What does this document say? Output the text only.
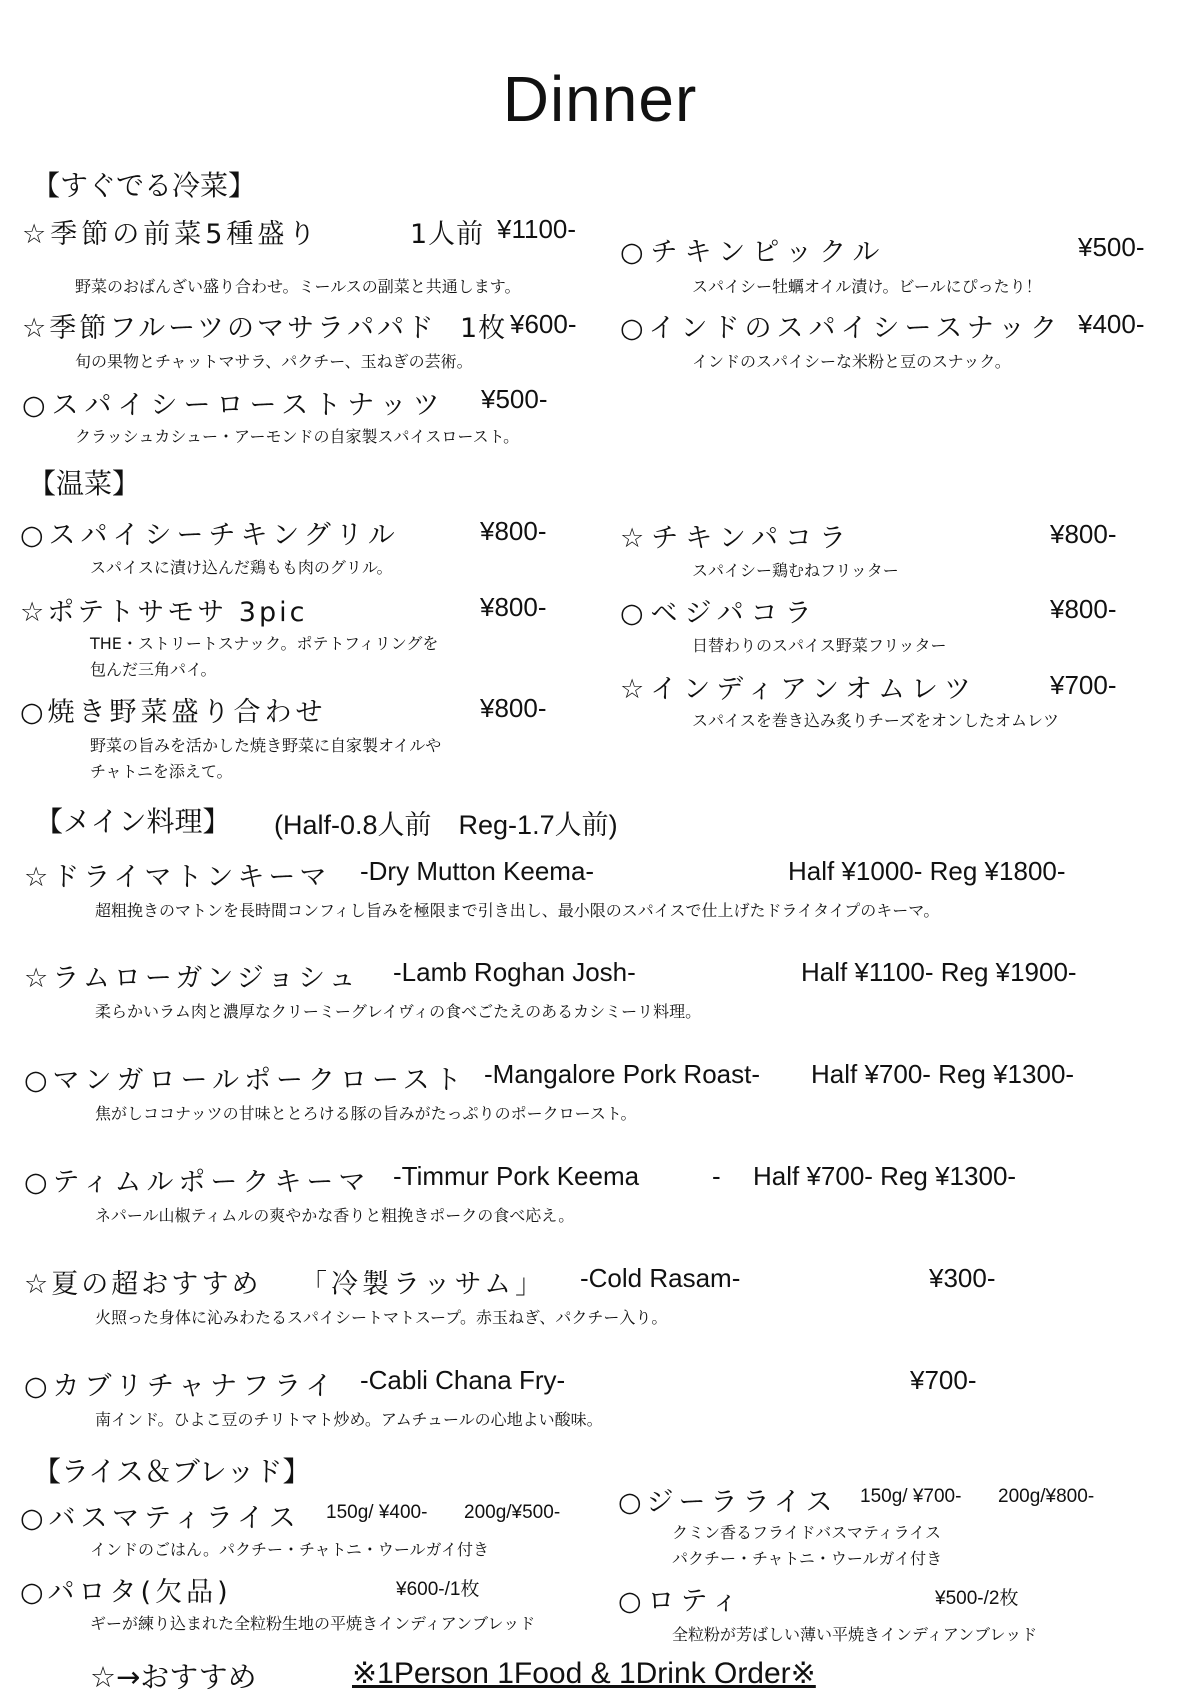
Dinner
【すぐでる冷菜】
☆季節の前菜5種盛り	1人前 ¥1100-
野菜のおばんざい盛り合わせ。ミールスの副菜と共通します。
☆季節フルーツのマサラパパド 1枚 ¥600-
旬の果物とチャットマサラ、パクチー、玉ねぎの芸術。
○スパイシーローストナッツ ¥500-
クラッシュカシュー・アーモンドの自家製スパイスロースト。
○チキンピックル	¥500-
スパイシー牡蠣オイル漬け。ビールにぴったり！
○インドのスパイシースナック ¥400-
インドのスパイシーな米粉と豆のスナック。
【温菜】
○スパイシーチキングリル	¥800-
スパイスに漬け込んだ鶏もも肉のグリル。
☆ポテトサモサ 3pic	¥800-
THE・ストリートスナック。ポテトフィリングを
包んだ三角パイ。
○焼き野菜盛り合わせ	¥800-
野菜の旨みを活かした焼き野菜に自家製オイルや
チャトニを添えて。
☆チキンパコラ	¥800-
スパイシー鶏むねフリッター
○ベジパコラ	¥800-
日替わりのスパイス野菜フリッター
☆インディアンオムレツ	¥700-
スパイスを巻き込み炙りチーズをオンしたオムレツ
【メイン料理】 (Half-0.8人前　Reg-1.7人前)
☆ドライマトンキーマ -Dry Mutton Keema-	Half ¥1000- Reg ¥1800-
超粗挽きのマトンを長時間コンフィし旨みを極限まで引き出し、最小限のスパイスで仕上げたドライタイプのキーマ。
☆ラムローガンジョシュ -Lamb Roghan Josh-	Half ¥1100- Reg ¥1900-
柔らかいラム肉と濃厚なクリーミーグレイヴィの食べごたえのあるカシミーリ料理。
○マンガロールポークロースト -Mangalore Pork Roast- Half ¥700- Reg ¥1300-
焦がしココナッツの甘味ととろける豚の旨みがたっぷりのポークロースト。
○ティムルポークキーマ -Timmur Pork Keema	- Half ¥700- Reg ¥1300-
ネパール山椒ティムルの爽やかな香りと粗挽きポークの食べ応え。
☆夏の超おすすめ 「冷製ラッサム」 -Cold Rasam-	¥300-
火照った身体に沁みわたるスパイシートマトスープ。赤玉ねぎ、パクチー入り。
○カブリチャナフライ -Cabli Chana Fry-	¥700-
南インド。ひよこ豆のチリトマト炒め。アムチュールの心地よい酸味。
【ライス＆ブレッド】
○バスマティライス 150g/ ¥400- 200g/¥500-
インドのごはん。パクチー・チャトニ・ウールガイ付き
○パロタ(欠品)	¥600-/1枚
ギーが練り込まれた全粒粉生地の平焼きインディアンブレッド
○ジーラライス 150g/ ¥700- 200g/¥800-
クミン香るフライドバスマティライス
パクチー・チャトニ・ウールガイ付き
○ロティ	¥500-/2枚
全粒粉が芳ばしい薄い平焼きインディアンブレッド
☆→おすすめ	※1Person 1Food & 1Drink Order※
